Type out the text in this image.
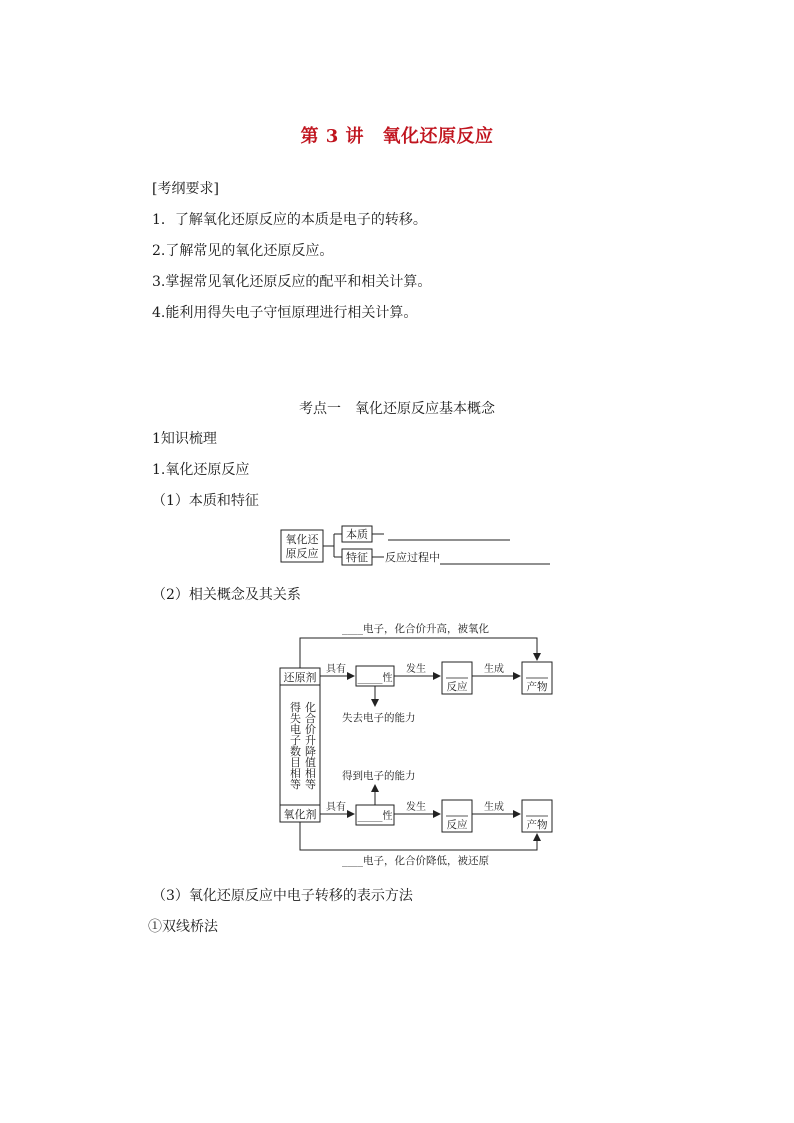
第 3 讲　氧化还原反应
[考纲要求]
1．了解氧化还原反应的本质是电子的转移。
2.了解常见的氧化还原反应。
3.掌握常见氧化还原反应的配平和相关计算。
4.能利用得失电子守恒原理进行相关计算。
考点一　氧化还原反应基本概念
1知识梳理
1.氧化还原反应
（1）本质和特征
氧化还
原反应
本质
特征 反应过程中
（2）相关概念及其关系
____电子，化合价升高，被氧化
还原剂
具有
_____性
发生
反应
生成
产物
失去电子的能力
得失电子数目相等
化合价升降值相等
得到电子的能力
氧化剂
具有
_____性
发生
反应
生成
产物
____电子，化合价降低，被还原
（3）氧化还原反应中电子转移的表示方法
①双线桥法
